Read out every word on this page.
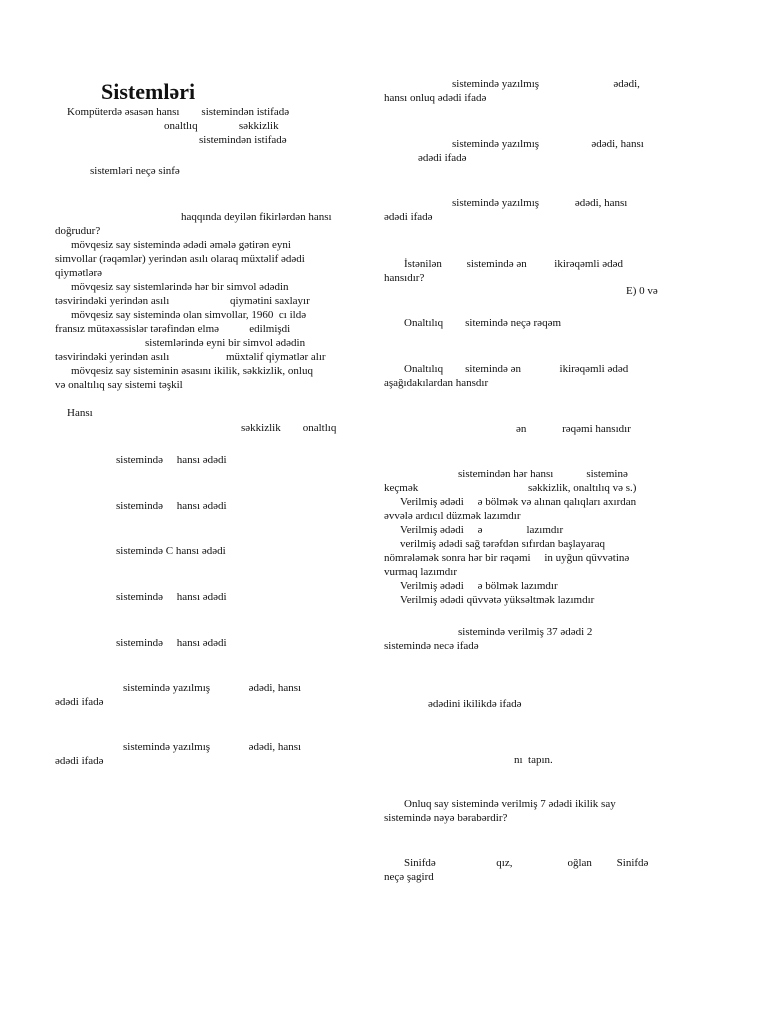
Sistemləri
Kompüterdə əsasən hansı        sistemindən istifadə
onaltlıq               səkkizlik
sistemindən istifadə
sistemləri neçə sinfə
haqqında deyilən fikirlərdən hansı
doğrudur?
mövqesiz say sistemində ədədi əmələ gətirən eyni
simvollar (rəqəmlər) yerindən asılı olaraq müxtəlif ədədi
qiymətlərə
mövqesiz say sistemlərində hər bir simvol ədədin
təsvirindəki yerindən asılı	qiymətini saxlayır
mövqesiz say sistemində olan simvollar, 1960  cı ildə
fransız mütəxəssislər tərəfindən elmə           edilmişdi
sistemlərində eyni bir simvol ədədin
təsvirindəki yerindən asılı	müxtəlif qiymətlər alır
mövqesiz say sisteminin əsasını ikilik, səkkizlik, onluq
və onaltılıq say sistemi təşkil
Hansı
səkkizlik        onaltlıq
sistemində     hansı ədədi
sistemində     hansı ədədi
sistemində C hansı ədədi
sistemində     hansı ədədi
sistemində     hansı ədədi
sistemində yazılmış              ədədi, hansı
ədədi ifadə
sistemində yazılmış              ədədi, hansı
ədədi ifadə
sistemində yazılmış                           ədədi,
hansı onluq ədədi ifadə
sistemində yazılmış                   ədədi, hansı
ədədi ifadə
sistemində yazılmış             ədədi, hansı
ədədi ifadə
İstənilən         sistemində ən          ikirəqəmli ədəd
hansıdır?
E) 0 və
Onaltılıq        sitemində neçə rəqəm
Onaltılıq        sitemində ən              ikirəqəmli ədəd
aşağıdakılardan hansdır
ən             rəqəmi hansıdır
sistemindən hər hansı            sisteminə
keçmək	səkkizlik, onaltılıq və s.)
Verilmiş ədədi     ə bölmək və alınan qalıqları axırdan
əvvələ ardıcıl düzmək lazımdır
Verilmiş ədədi     ə                lazımdır
verilmiş ədədi sağ tərəfdən sıfırdan başlayaraq
nömrələmək sonra hər bir rəqəmi     in uyğun qüvvətinə
vurmaq lazımdır
Verilmiş ədədi     ə bölmək lazımdır
Verilmiş ədədi qüvvətə yüksəltmək lazımdır
sistemində verilmiş 37 ədədi 2
sistemində necə ifadə
ədədini ikilikdə ifadə
nı  tapın.
Onluq say sistemində verilmiş 7 ədədi ikilik say
sistemində nəyə bərabərdir?
Sinifdə                      qız,                    oğlan         Sinifdə
neçə şagird
